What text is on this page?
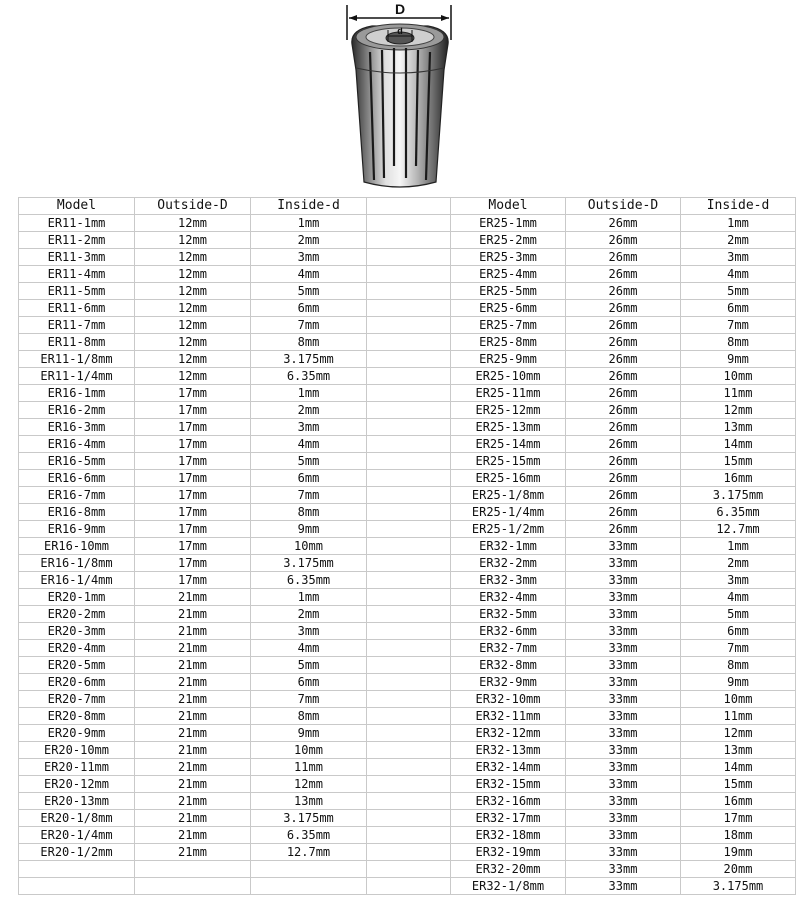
D
d
Model	Outside-D	Inside-d		Model	Outside-D	Inside-d
ER11-1mm	12mm	1mm		ER25-1mm	26mm	1mm
ER11-2mm	12mm	2mm		ER25-2mm	26mm	2mm
ER11-3mm	12mm	3mm		ER25-3mm	26mm	3mm
ER11-4mm	12mm	4mm		ER25-4mm	26mm	4mm
ER11-5mm	12mm	5mm		ER25-5mm	26mm	5mm
ER11-6mm	12mm	6mm		ER25-6mm	26mm	6mm
ER11-7mm	12mm	7mm		ER25-7mm	26mm	7mm
ER11-8mm	12mm	8mm		ER25-8mm	26mm	8mm
ER11-1/8mm	12mm	3.175mm		ER25-9mm	26mm	9mm
ER11-1/4mm	12mm	6.35mm		ER25-10mm	26mm	10mm
ER16-1mm	17mm	1mm		ER25-11mm	26mm	11mm
ER16-2mm	17mm	2mm		ER25-12mm	26mm	12mm
ER16-3mm	17mm	3mm		ER25-13mm	26mm	13mm
ER16-4mm	17mm	4mm		ER25-14mm	26mm	14mm
ER16-5mm	17mm	5mm		ER25-15mm	26mm	15mm
ER16-6mm	17mm	6mm		ER25-16mm	26mm	16mm
ER16-7mm	17mm	7mm		ER25-1/8mm	26mm	3.175mm
ER16-8mm	17mm	8mm		ER25-1/4mm	26mm	6.35mm
ER16-9mm	17mm	9mm		ER25-1/2mm	26mm	12.7mm
ER16-10mm	17mm	10mm		ER32-1mm	33mm	1mm
ER16-1/8mm	17mm	3.175mm		ER32-2mm	33mm	2mm
ER16-1/4mm	17mm	6.35mm		ER32-3mm	33mm	3mm
ER20-1mm	21mm	1mm		ER32-4mm	33mm	4mm
ER20-2mm	21mm	2mm		ER32-5mm	33mm	5mm
ER20-3mm	21mm	3mm		ER32-6mm	33mm	6mm
ER20-4mm	21mm	4mm		ER32-7mm	33mm	7mm
ER20-5mm	21mm	5mm		ER32-8mm	33mm	8mm
ER20-6mm	21mm	6mm		ER32-9mm	33mm	9mm
ER20-7mm	21mm	7mm		ER32-10mm	33mm	10mm
ER20-8mm	21mm	8mm		ER32-11mm	33mm	11mm
ER20-9mm	21mm	9mm		ER32-12mm	33mm	12mm
ER20-10mm	21mm	10mm		ER32-13mm	33mm	13mm
ER20-11mm	21mm	11mm		ER32-14mm	33mm	14mm
ER20-12mm	21mm	12mm		ER32-15mm	33mm	15mm
ER20-13mm	21mm	13mm		ER32-16mm	33mm	16mm
ER20-1/8mm	21mm	3.175mm		ER32-17mm	33mm	17mm
ER20-1/4mm	21mm	6.35mm		ER32-18mm	33mm	18mm
ER20-1/2mm	21mm	12.7mm		ER32-19mm	33mm	19mm
				ER32-20mm	33mm	20mm
				ER32-1/8mm	33mm	3.175mm
